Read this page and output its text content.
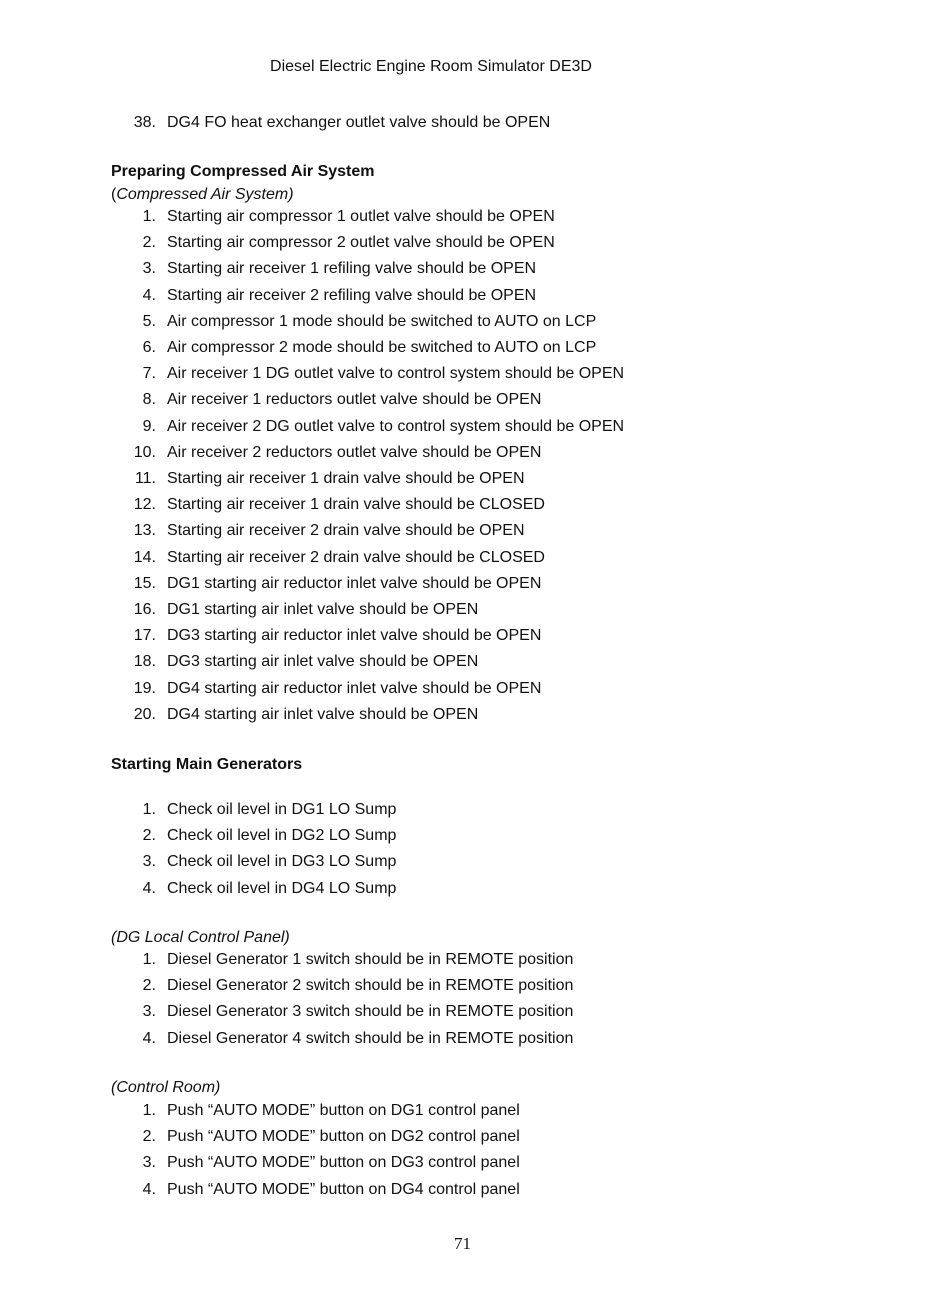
Diesel Electric Engine Room Simulator DE3D
38. DG4 FO heat exchanger outlet valve should be OPEN
Preparing Compressed Air System
(Compressed Air System)
1. Starting air compressor 1 outlet valve should be OPEN
2. Starting air compressor 2 outlet valve should be OPEN
3. Starting air receiver 1 refiling valve should be OPEN
4. Starting air receiver 2 refiling valve should be OPEN
5. Air compressor 1 mode should be switched to AUTO on LCP
6. Air compressor 2 mode should be switched to AUTO on LCP
7. Air receiver 1 DG outlet valve to control system should be OPEN
8. Air receiver 1 reductors outlet valve should be OPEN
9. Air receiver 2 DG outlet valve to control system should be OPEN
10. Air receiver 2 reductors outlet valve should be OPEN
11. Starting air receiver 1 drain valve should be OPEN
12. Starting air receiver 1 drain valve should be CLOSED
13. Starting air receiver 2 drain valve should be OPEN
14. Starting air receiver 2 drain valve should be CLOSED
15. DG1 starting air reductor inlet valve should be OPEN
16. DG1 starting air inlet valve should be OPEN
17. DG3 starting air reductor inlet valve should be OPEN
18. DG3 starting air inlet valve should be OPEN
19. DG4 starting air reductor inlet valve should be OPEN
20. DG4 starting air inlet valve should be OPEN
Starting Main Generators
1. Check oil level in DG1 LO Sump
2. Check oil level in DG2 LO Sump
3. Check oil level in DG3 LO Sump
4. Check oil level in DG4 LO Sump
(DG Local Control Panel)
1. Diesel Generator 1 switch should be in REMOTE position
2. Diesel Generator 2 switch should be in REMOTE position
3. Diesel Generator 3 switch should be in REMOTE position
4. Diesel Generator 4 switch should be in REMOTE position
(Control Room)
1. Push “AUTO MODE” button on DG1 control panel
2. Push “AUTO MODE” button on DG2 control panel
3. Push “AUTO MODE” button on DG3 control panel
4. Push “AUTO MODE” button on DG4 control panel
71
